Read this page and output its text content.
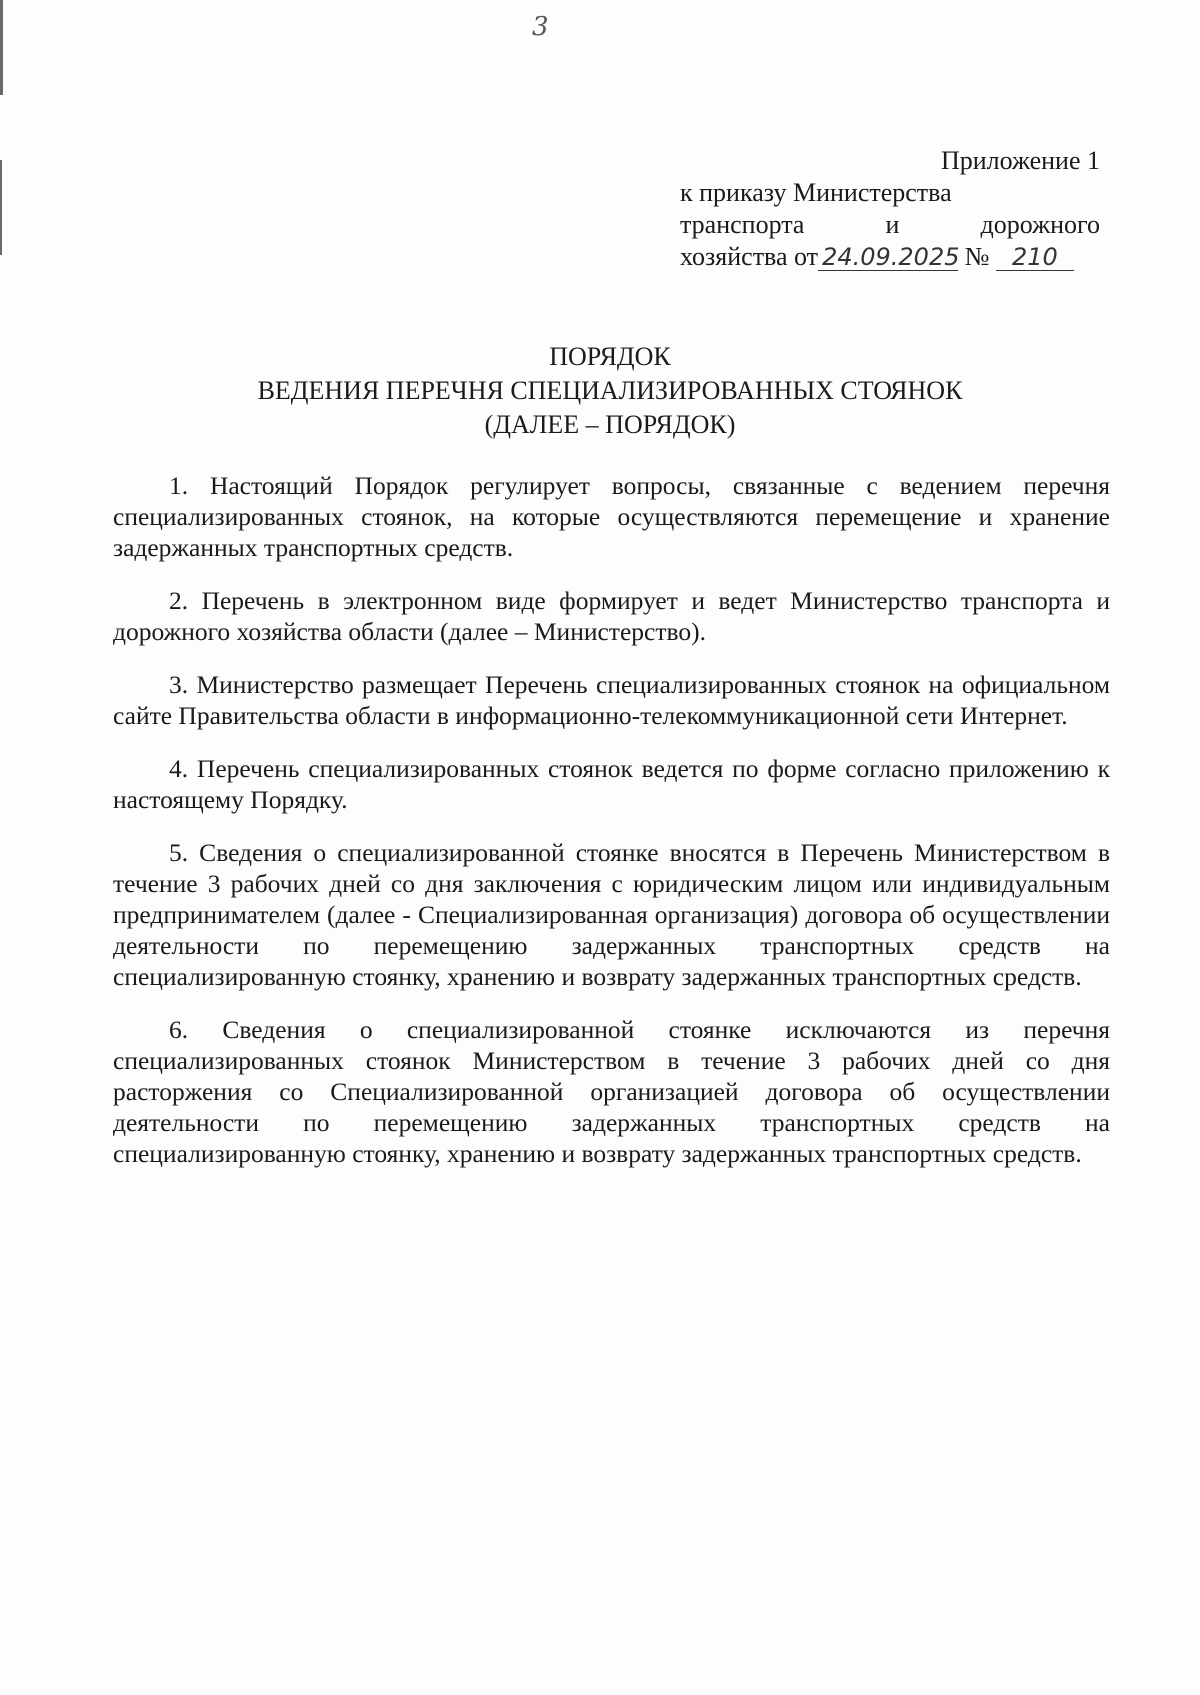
3
Приложение 1
к приказу Министерства
транспорта и дорожного
хозяйства от 24.09.2025 № 210
ПОРЯДОК
ВЕДЕНИЯ ПЕРЕЧНЯ СПЕЦИАЛИЗИРОВАННЫХ СТОЯНОК
(ДАЛЕЕ – ПОРЯДОК)

1. Настоящий Порядок регулирует вопросы, связанные с ведением перечня специализированных стоянок, на которые осуществляются перемещение и хранение задержанных транспортных средств.

2. Перечень в электронном виде формирует и ведет Министерство транспорта и дорожного хозяйства области (далее – Министерство).

3. Министерство размещает Перечень специализированных стоянок на официальном сайте Правительства области в информационно-телекоммуникационной сети Интернет.

4. Перечень специализированных стоянок ведется по форме согласно приложению к настоящему Порядку.

5. Сведения о специализированной стоянке вносятся в Перечень Министерством в течение 3 рабочих дней со дня заключения с юридическим лицом или индивидуальным предпринимателем (далее - Специализированная организация) договора об осуществлении деятельности по перемещению задержанных транспортных средств на специализированную стоянку, хранению и возврату задержанных транспортных средств.

6. Сведения о специализированной стоянке исключаются из перечня специализированных стоянок Министерством в течение 3 рабочих дней со дня расторжения со Специализированной организацией договора об осуществлении деятельности по перемещению задержанных транспортных средств на специализированную стоянку, хранению и возврату задержанных транспортных средств.
